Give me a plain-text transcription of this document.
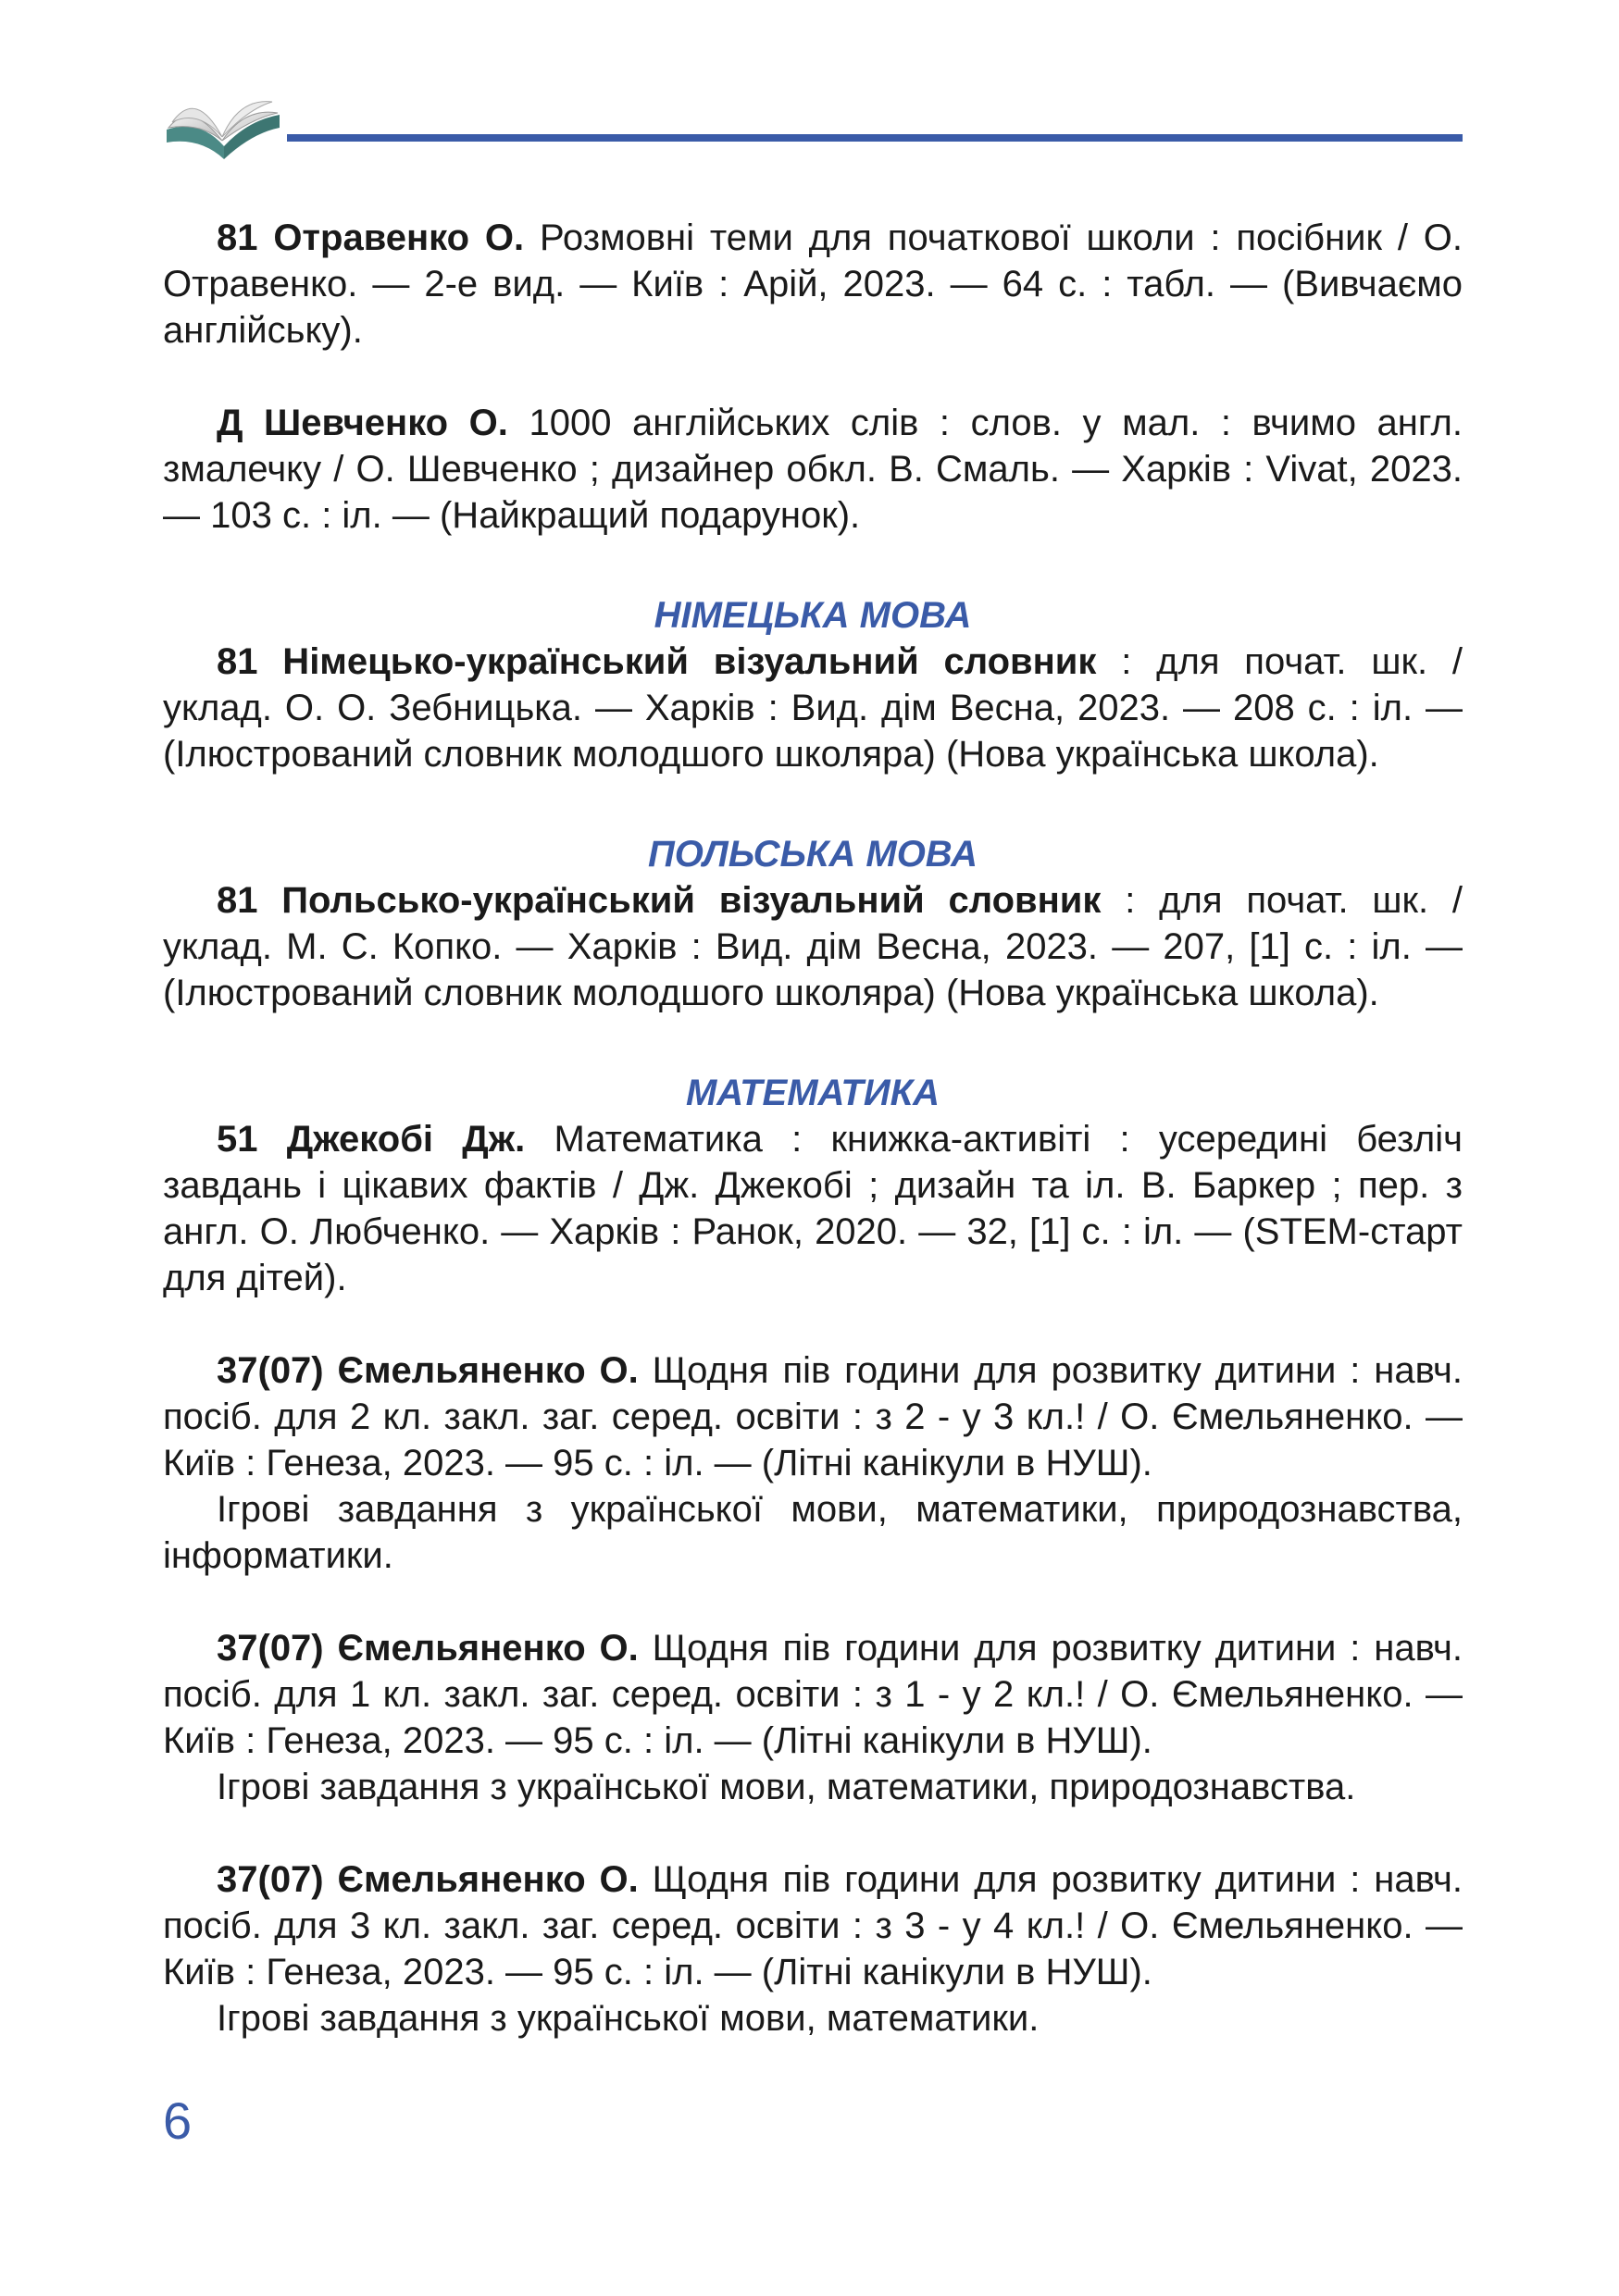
81 Отравенко О. Розмовні теми для початкової школи : посібник / О. Отравенко. — 2-е вид. — Київ : Арій, 2023. — 64 с. : табл. — (Вивчаємо англійську).

Д Шевченко О. 1000 англійських слів : слов. у мал. : вчимо англ. змалечку / О. Шевченко ; дизайнер обкл. В. Смаль. — Харків : Vivat, 2023. — 103 с. : іл. — (Найкращий подарунок).

НІМЕЦЬКА МОВА

81 Німецько-український візуальний словник : для почат. шк. / уклад. О. О. Зебницька. — Харків : Вид. дім Весна, 2023. — 208 с. : іл. — (Ілюстрований словник молодшого школяра) (Нова українська школа).

ПОЛЬСЬКА МОВА

81 Польсько-український візуальний словник : для почат. шк. / уклад. М. С. Копко. — Харків : Вид. дім Весна, 2023. — 207, [1] с. : іл. — (Ілюстрований словник молодшого школяра) (Нова українська школа).

МАТЕМАТИКА

51 Джекобі Дж. Математика : книжка-активіті : усередині безліч завдань і цікавих фактів / Дж. Джекобі ; дизайн та іл. В. Баркер ; пер. з англ. О. Любченко. — Харків : Ранок, 2020. — 32, [1] с. : іл. — (STEM-старт для дітей).

37(07) Ємельяненко О. Щодня пів години для розвитку дитини : навч. посіб. для 2 кл. закл. заг. серед. освіти : з 2 - у 3 кл.! / О. Ємельяненко. — Київ : Генеза, 2023. — 95 с. : іл. — (Літні канікули в НУШ).

Ігрові завдання з української мови, математики, природознавства, інформатики.

37(07) Ємельяненко О. Щодня пів години для розвитку дитини : навч. посіб. для 1 кл. закл. заг. серед. освіти : з 1 - у 2 кл.! / О. Ємельяненко. — Київ : Генеза, 2023. — 95 с. : іл. — (Літні канікули в НУШ).

Ігрові завдання з української мови, математики, природознавства.

37(07) Ємельяненко О. Щодня пів години для розвитку дитини : навч. посіб. для 3 кл. закл. заг. серед. освіти : з 3 - у 4 кл.! / О. Ємельяненко. — Київ : Генеза, 2023. — 95 с. : іл. — (Літні канікули в НУШ).

Ігрові завдання з української мови, математики.

6
